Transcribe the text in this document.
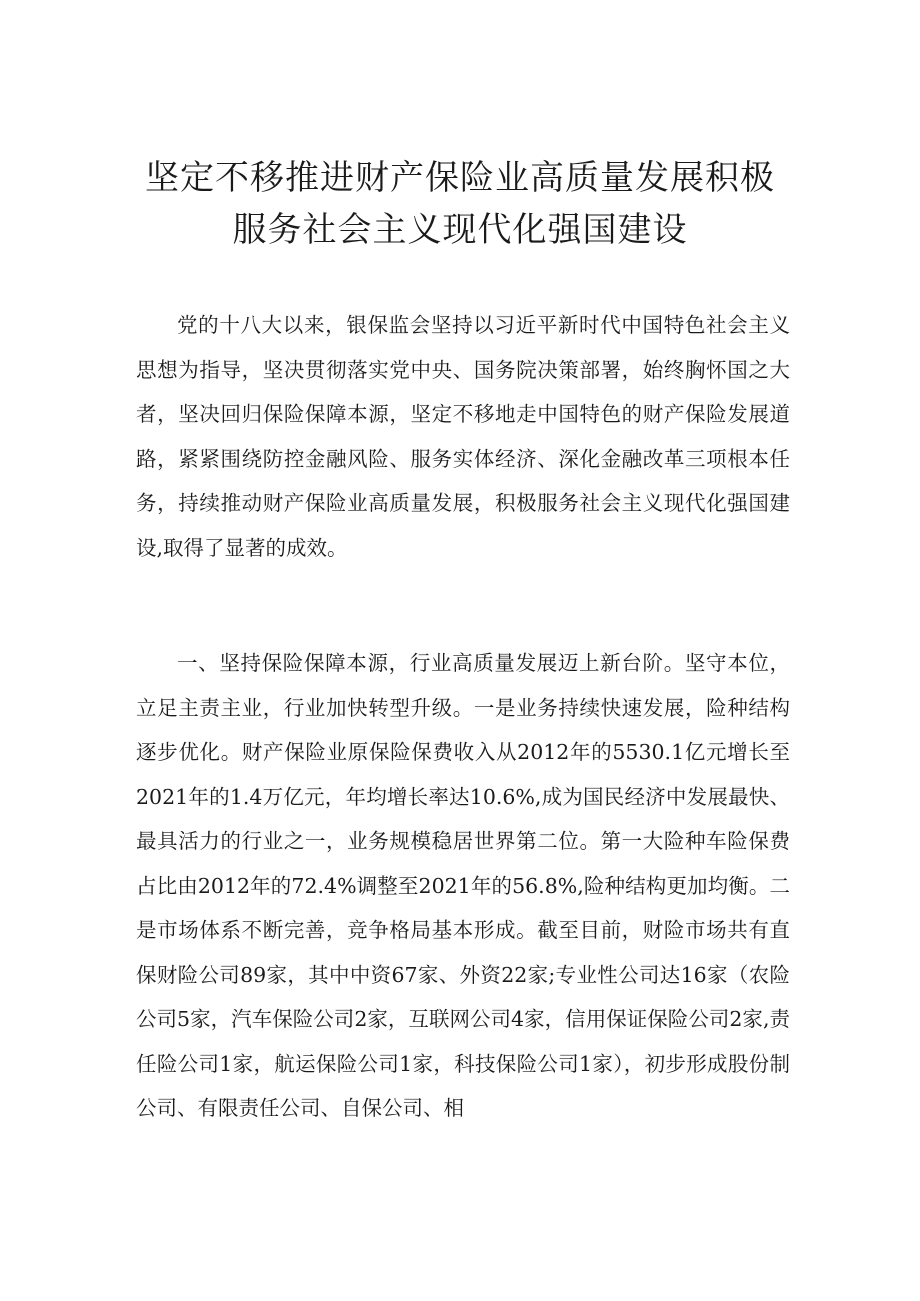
坚定不移推进财产保险业高质量发展积极
服务社会主义现代化强国建设

党的十八大以来，银保监会坚持以习近平新时代中国特色社会主义思想为指导，坚决贯彻落实党中央、国务院决策部署，始终胸怀国之大者，坚决回归保险保障本源，坚定不移地走中国特色的财产保险发展道路，紧紧围绕防控金融风险、服务实体经济、深化金融改革三项根本任务，持续推动财产保险业高质量发展，积极服务社会主义现代化强国建设,取得了显著的成效。

一、坚持保险保障本源，行业高质量发展迈上新台阶。坚守本位，立足主责主业，行业加快转型升级。一是业务持续快速发展，险种结构逐步优化。财产保险业原保险保费收入从2012年的5530.1亿元增长至2021年的1.4万亿元，年均增长率达10.6%,成为国民经济中发展最快、最具活力的行业之一，业务规模稳居世界第二位。第一大险种车险保费占比由2012年的72.4%调整至2021年的56.8%,险种结构更加均衡。二是市场体系不断完善，竞争格局基本形成。截至目前，财险市场共有直保财险公司89家，其中中资67家、外资22家;专业性公司达16家（农险公司5家，汽车保险公司2家，互联网公司4家，信用保证保险公司2家,责任险公司1家，航运保险公司1家，科技保险公司1家），初步形成股份制公司、有限责任公司、自保公司、相
